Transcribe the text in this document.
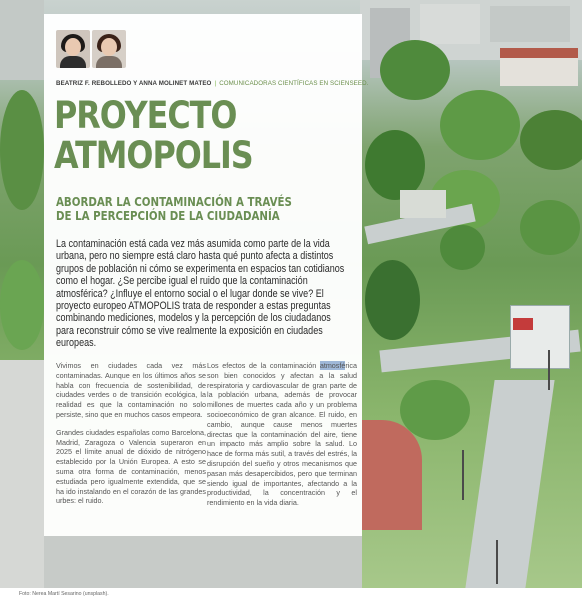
BEATRIZ F. REBOLLEDO Y ANNA MOLINET MATEO | COMUNICADORAS CIENTÍFICAS EN SCIENSEED.
PROYECTO ATMOPOLIS
ABORDAR LA CONTAMINACIÓN A TRAVÉS DE LA PERCEPCIÓN DE LA CIUDADANÍA

La contaminación está cada vez más asumida como parte de la vida urbana, pero no siempre está claro hasta qué punto afecta a distintos grupos de población ni cómo se experimenta en espacios tan cotidianos como el hogar. ¿Se percibe igual el ruido que la contaminación atmosférica? ¿Influye el entorno social o el lugar donde se vive? El proyecto europeo ATMOPOLIS trata de responder a estas preguntas combinando mediciones, modelos y la percepción de los ciudadanos para reconstruir cómo se vive realmente la exposición en ciudades europeas.

Vivimos en ciudades cada vez más contaminadas. Aunque en los últimos años se habla con frecuencia de sostenibilidad, de ciudades verdes o de transición ecológica, la realidad es que la contaminación no solo persiste, sino que en muchos casos empeora.

Grandes ciudades españolas como Barcelona, Madrid, Zaragoza o Valencia superaron en 2025 el límite anual de dióxido de nitrógeno establecido por la Unión Europea. A esto se suma otra forma de contaminación, menos estudiada pero igualmente extendida, que se ha ido instalando en el corazón de las grandes urbes: el ruido.

Los efectos de la contaminación atmosférica son bien conocidos y afectan a la salud respiratoria y cardiovascular de gran parte de la población urbana, además de provocar millones de muertes cada año y un problema socioeconómico de gran alcance. El ruido, en cambio, aunque cause menos muertes directas que la contaminación del aire, tiene un impacto más amplio sobre la salud. Lo hace de forma más sutil, a través del estrés, la disrupción del sueño y otros mecanismos que pasan más desapercibidos, pero que terminan siendo igual de importantes, afectando a la productividad, la concentración y el rendimiento en la vida diaria.

Foto: Nerea Martí Sesarino (unsplash).
